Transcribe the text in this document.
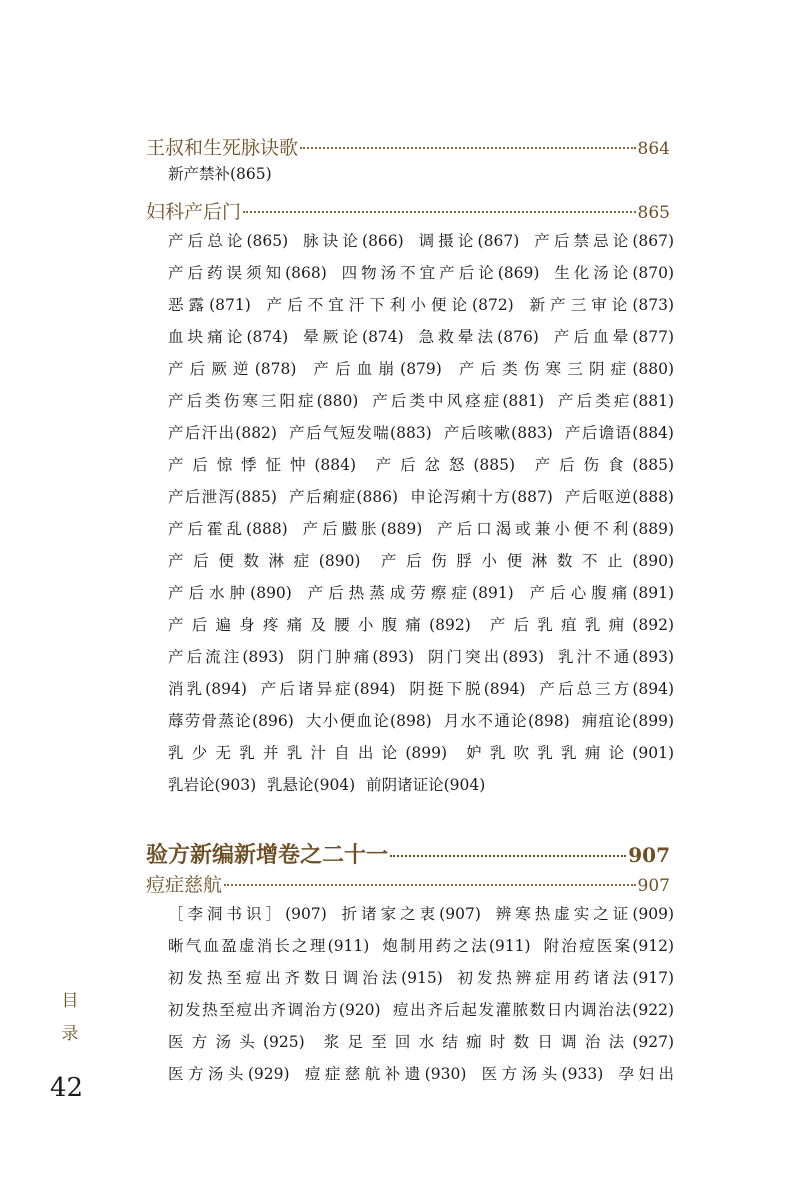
王叔和生死脉诀歌	864
新产禁补(865)
妇科产后门	865
产后总论(865) 脉诀论(866) 调摄论(867) 产后禁忌论(867)
产后药误须知(868) 四物汤不宜产后论(869) 生化汤论(870)
恶露(871) 产后不宜汗下利小便论(872) 新产三审论(873)
血块痛论(874) 晕厥论(874) 急救晕法(876) 产后血晕(877)
产后厥逆(878) 产后血崩(879) 产后类伤寒三阴症(880)
产后类伤寒三阳症(880) 产后类中风痉症(881) 产后类疟(881)
产后汗出(882) 产后气短发喘(883) 产后咳嗽(883) 产后谵语(884)
产后惊悸怔忡(884) 产后忿怒(885) 产后伤食(885)
产后泄泻(885) 产后痢症(886) 申论泻痢十方(887) 产后呕逆(888)
产后霍乱(888) 产后臌胀(889) 产后口渴或兼小便不利(889)
产后便数淋症(890) 产后伤脬小便淋数不止(890)
产后水肿(890) 产后热蒸成劳瘵症(891) 产后心腹痛(891)
产后遍身疼痛及腰小腹痛(892) 产后乳疽乳痈(892)
产后流注(893) 阴门肿痛(893) 阴门突出(893) 乳汁不通(893)
消乳(894) 产后诸异症(894) 阴挺下脱(894) 产后总三方(894)
蓐劳骨蒸论(896) 大小便血论(898) 月水不通论(898) 痈疽论(899)
乳少无乳并乳汁自出论(899) 妒乳吹乳乳痈论(901)
乳岩论(903) 乳悬论(904) 前阴诸证论(904)
验方新编新增卷之二十一	907
痘症慈航	907
［李洞书识］(907) 折诸家之衷(907) 辨寒热虚实之证(909)
晰气血盈虚消长之理(911) 炮制用药之法(911) 附治痘医案(912)
初发热至痘出齐数日调治法(915) 初发热辨症用药诸法(917)
初发热至痘出齐调治方(920) 痘出齐后起发灌脓数日内调治法(922)
医方汤头(925) 浆足至回水结痂时数日调治法(927)
医方汤头(929) 痘症慈航补遗(930) 医方汤头(933) 孕妇出
目
录
42
